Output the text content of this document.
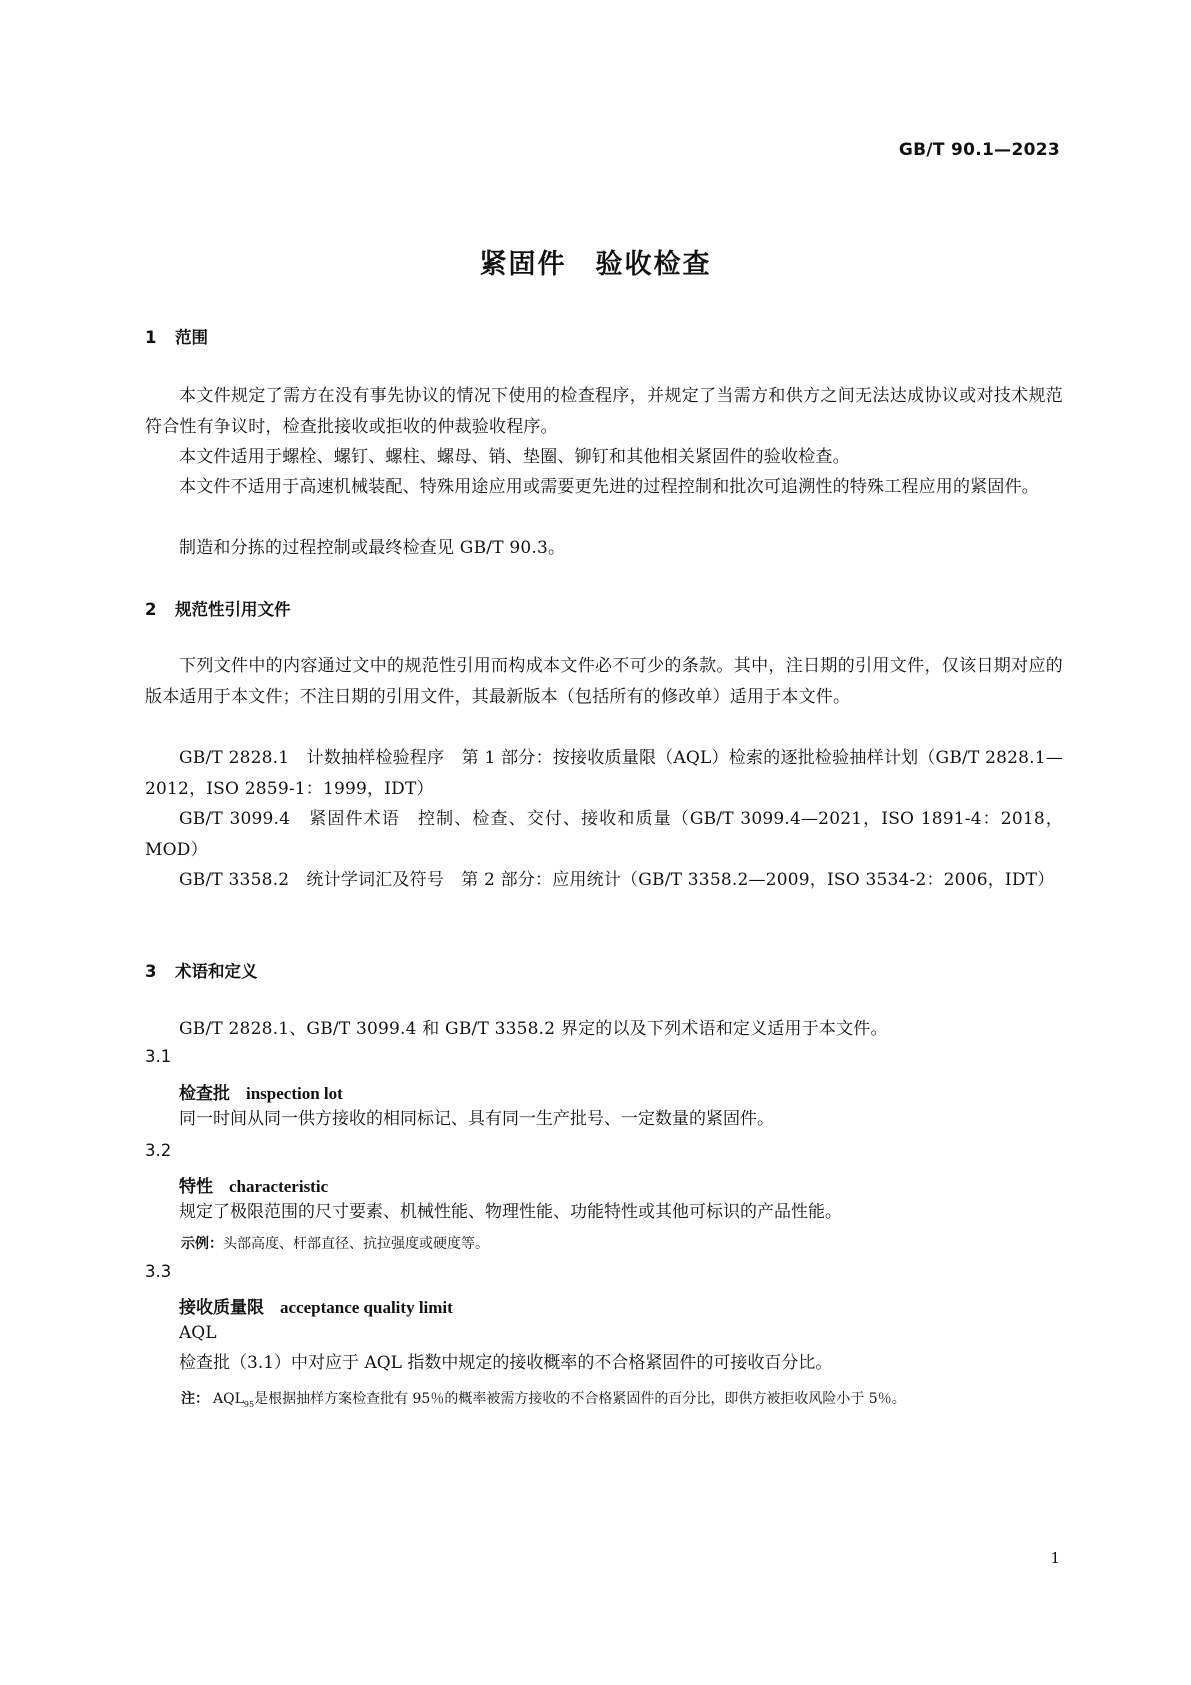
GB/T 90.1—2023
紧固件　验收检查
1 范围
本文件规定了需方在没有事先协议的情况下使用的检查程序，并规定了当需方和供方之间无法达成协议或对技术规范符合性有争议时，检查批接收或拒收的仲裁验收程序。
本文件适用于螺栓、螺钉、螺柱、螺母、销、垫圈、铆钉和其他相关紧固件的验收检查。
本文件不适用于高速机械装配、特殊用途应用或需要更先进的过程控制和批次可追溯性的特殊工程应用的紧固件。
制造和分拣的过程控制或最终检查见 GB/T 90.3。
2 规范性引用文件
下列文件中的内容通过文中的规范性引用而构成本文件必不可少的条款。其中，注日期的引用文件，仅该日期对应的版本适用于本文件；不注日期的引用文件，其最新版本（包括所有的修改单）适用于本文件。
GB/T 2828.1　计数抽样检验程序　第 1 部分：按接收质量限（AQL）检索的逐批检验抽样计划（GB/T 2828.1—2012，ISO 2859-1：1999，IDT）
GB/T 3099.4　紧固件术语　控制、检查、交付、接收和质量（GB/T 3099.4—2021，ISO 1891-4：2018，MOD）
GB/T 3358.2　统计学词汇及符号　第 2 部分：应用统计（GB/T 3358.2—2009，ISO 3534-2：2006，IDT）
3 术语和定义
GB/T 2828.1、GB/T 3099.4 和 GB/T 3358.2 界定的以及下列术语和定义适用于本文件。
3.1
检查批 inspection lot
同一时间从同一供方接收的相同标记、具有同一生产批号、一定数量的紧固件。
3.2
特性 characteristic
规定了极限范围的尺寸要素、机械性能、物理性能、功能特性或其他可标识的产品性能。
示例：头部高度、杆部直径、抗拉强度或硬度等。
3.3
接收质量限 acceptance quality limit
AQL
检查批（3.1）中对应于 AQL 指数中规定的接收概率的不合格紧固件的可接收百分比。
注： $AQL_{95}$是根据抽样方案检查批有 95％的概率被需方接收的不合格紧固件的百分比，即供方被拒收风险小于 5％。
1
